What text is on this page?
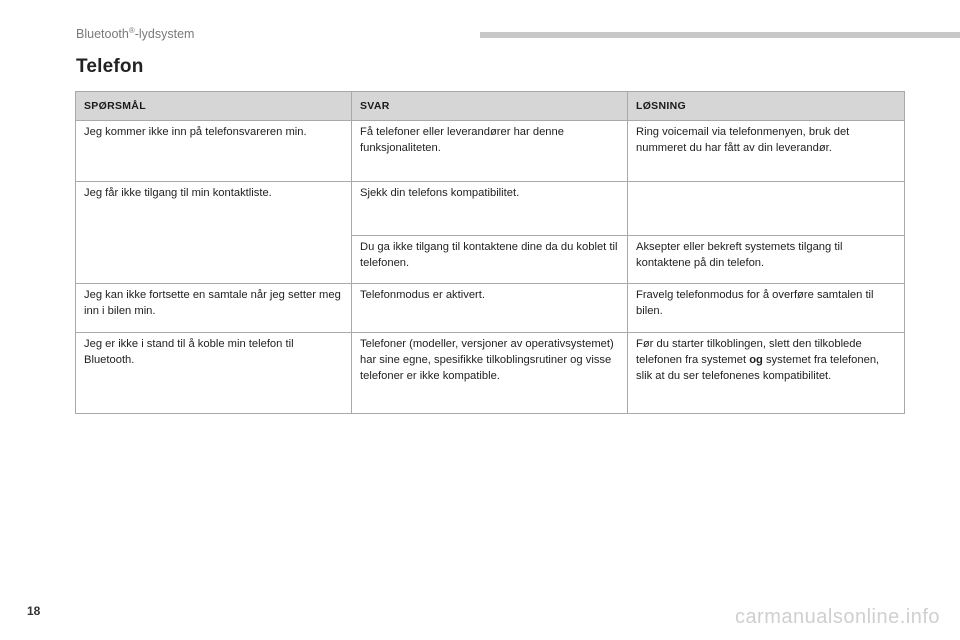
Bluetooth®-lydsystem
Telefon
SPØRSMÅL	SVAR	LØSNING
Jeg kommer ikke inn på telefonsvareren min.	Få telefoner eller leverandører har denne funksjonaliteten.	Ring voicemail via telefonmenyen, bruk det nummeret du har fått av din leverandør.
Jeg får ikke tilgang til min kontaktliste.	Sjekk din telefons kompatibilitet.	
	Du ga ikke tilgang til kontaktene dine da du koblet til telefonen.	Aksepter eller bekreft systemets tilgang til kontaktene på din telefon.
Jeg kan ikke fortsette en samtale når jeg setter meg inn i bilen min.	Telefonmodus er aktivert.	Fravelg telefonmodus for å overføre samtalen til bilen.
Jeg er ikke i stand til å koble min telefon til Bluetooth.	Telefoner (modeller, versjoner av operativsystemet) har sine egne, spesifikke tilkoblingsrutiner og visse telefoner er ikke kompatible.	Før du starter tilkoblingen, slett den tilkoblede telefonen fra systemet og systemet fra telefonen, slik at du ser telefonenes kompatibilitet.
18	carmanualsonline.info
